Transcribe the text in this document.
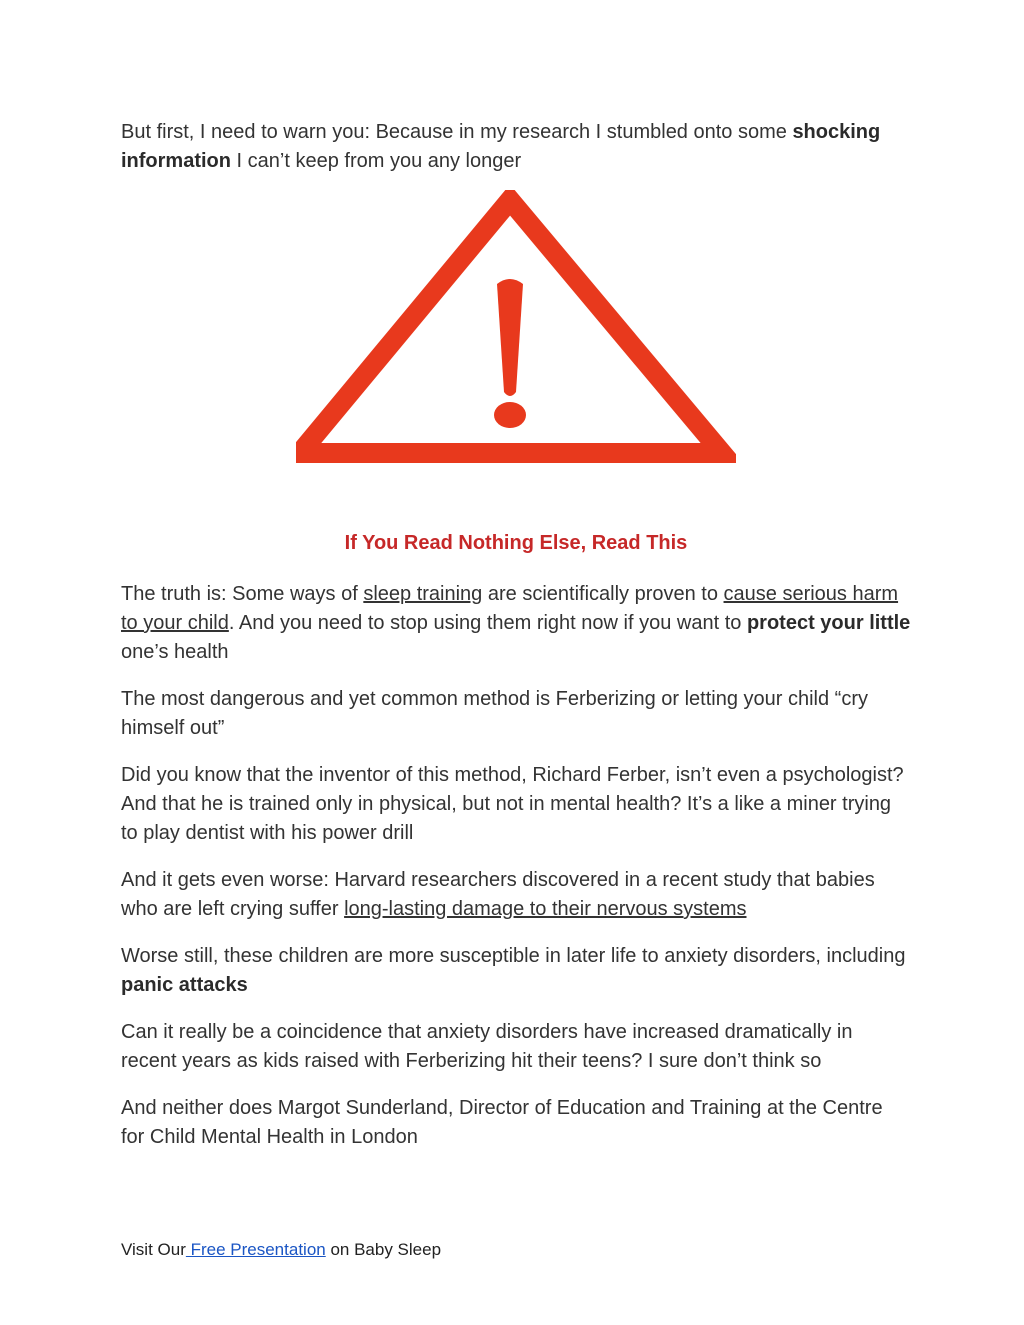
But first, I need to warn you: Because in my research I stumbled onto some shocking information I can’t keep from you any longer

If You Read Nothing Else, Read This

The truth is: Some ways of sleep training are scientifically proven to cause serious harm to your child. And you need to stop using them right now if you want to protect your little one’s health

The most dangerous and yet common method is Ferberizing or letting your child “cry himself out”

Did you know that the inventor of this method, Richard Ferber, isn’t even a psychologist? And that he is trained only in physical, but not in mental health? It’s a like a miner trying to play dentist with his power drill

And it gets even worse: Harvard researchers discovered in a recent study that babies who are left crying suffer long-lasting damage to their nervous systems

Worse still, these children are more susceptible in later life to anxiety disorders, including panic attacks

Can it really be a coincidence that anxiety disorders have increased dramatically in recent years as kids raised with Ferberizing hit their teens? I sure don’t think so

And neither does Margot Sunderland, Director of Education and Training at the Centre for Child Mental Health in London

Visit Our Free Presentation on Baby Sleep
